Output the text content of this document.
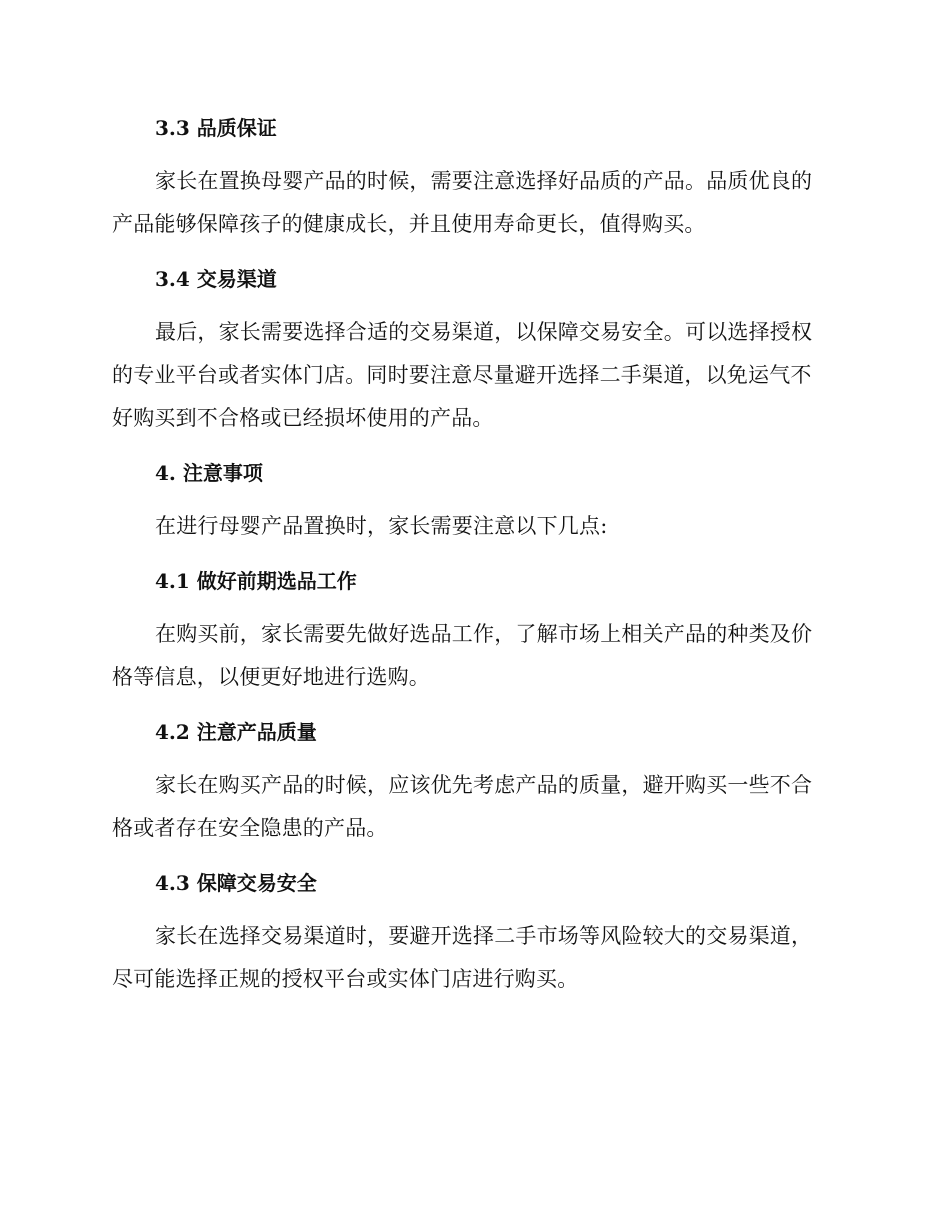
3.3 品质保证

家长在置换母婴产品的时候，需要注意选择好品质的产品。品质优良的产品能够保障孩子的健康成长，并且使用寿命更长，值得购买。

3.4 交易渠道

最后，家长需要选择合适的交易渠道，以保障交易安全。可以选择授权的专业平台或者实体门店。同时要注意尽量避开选择二手渠道，以免运气不好购买到不合格或已经损坏使用的产品。

4. 注意事项

在进行母婴产品置换时，家长需要注意以下几点:

4.1 做好前期选品工作

在购买前，家长需要先做好选品工作，了解市场上相关产品的种类及价格等信息，以便更好地进行选购。

4.2 注意产品质量

家长在购买产品的时候，应该优先考虑产品的质量，避开购买一些不合格或者存在安全隐患的产品。

4.3 保障交易安全

家长在选择交易渠道时，要避开选择二手市场等风险较大的交易渠道，尽可能选择正规的授权平台或实体门店进行购买。
